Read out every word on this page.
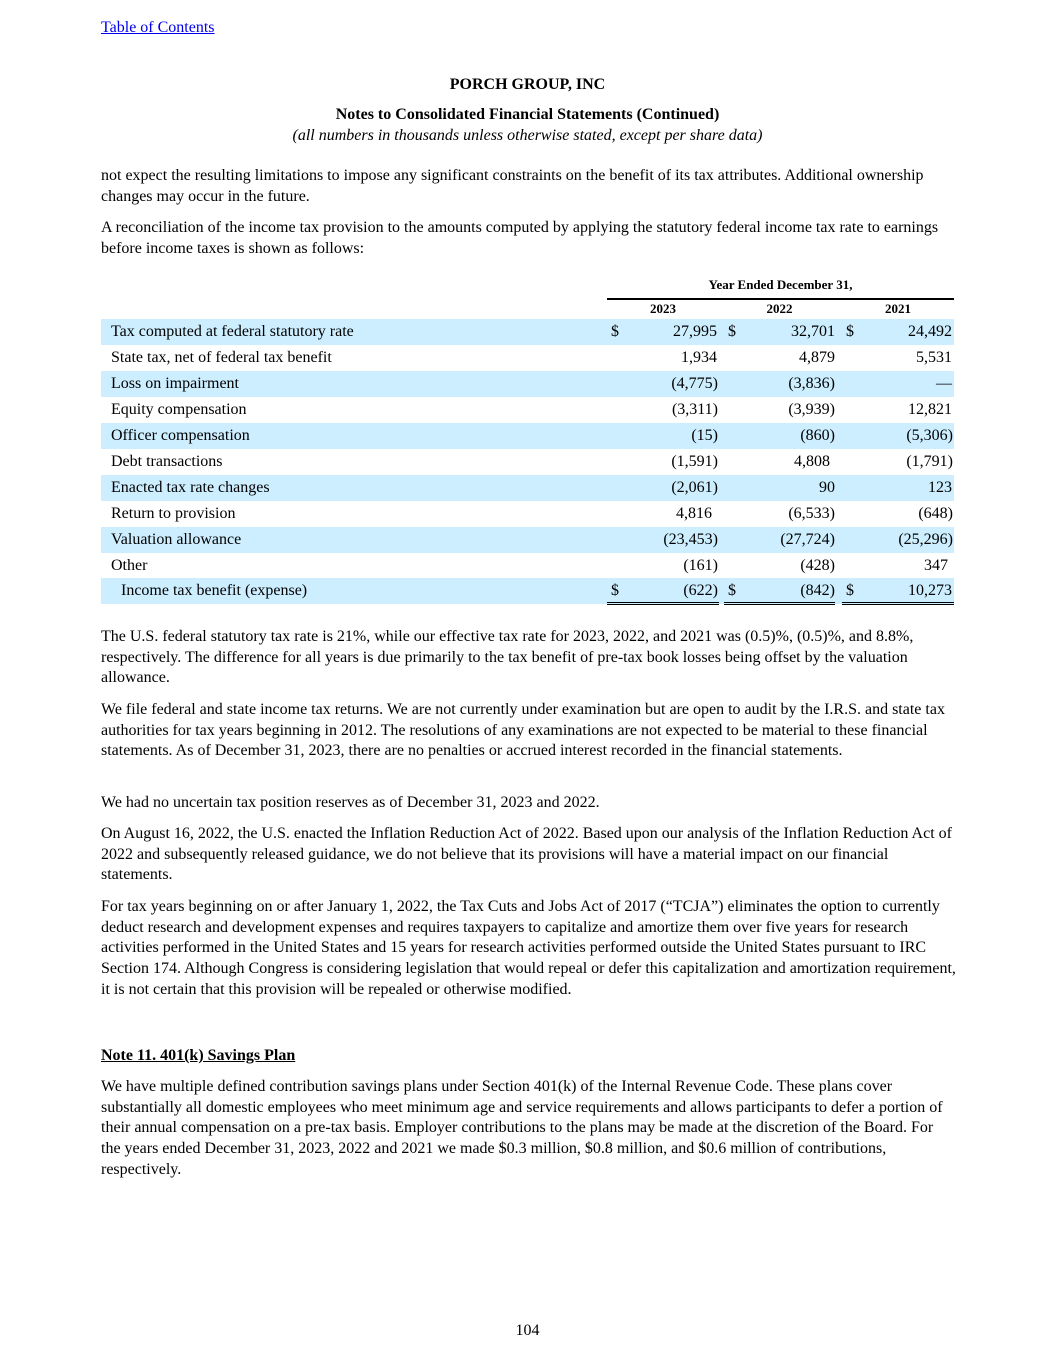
Table of Contents
PORCH GROUP, INC
Notes to Consolidated Financial Statements (Continued)
(all numbers in thousands unless otherwise stated, except per share data)

not expect the resulting limitations to impose any significant constraints on the benefit of its tax attributes. Additional ownership changes may occur in the future.

A reconciliation of the income tax provision to the amounts computed by applying the statutory federal income tax rate to earnings before income taxes is shown as follows:

Year Ended December 31,
2023	2022	2021
Tax computed at federal statutory rate	$	27,995 $	32,701 $	24,492
State tax, net of federal tax benefit	1,934	4,879	5,531
Loss on impairment	(4,775)	(3,836)	—
Equity compensation	(3,311)	(3,939)	12,821
Officer compensation	(15)	(860)	(5,306)
Debt transactions	(1,591)	4,808	(1,791)
Enacted tax rate changes	(2,061)	90	123
Return to provision	4,816	(6,533)	(648)
Valuation allowance	(23,453)	(27,724)	(25,296)
Other	(161)	(428)	347
Income tax benefit (expense)	$	(622) $	(842) $	10,273

The U.S. federal statutory tax rate is 21%, while our effective tax rate for 2023, 2022, and 2021 was (0.5)%, (0.5)%, and 8.8%, respectively. The difference for all years is due primarily to the tax benefit of pre-tax book losses being offset by the valuation allowance.

We file federal and state income tax returns. We are not currently under examination but are open to audit by the I.R.S. and state tax authorities for tax years beginning in 2012. The resolutions of any examinations are not expected to be material to these financial statements. As of December 31, 2023, there are no penalties or accrued interest recorded in the financial statements.

We had no uncertain tax position reserves as of December 31, 2023 and 2022.

On August 16, 2022, the U.S. enacted the Inflation Reduction Act of 2022. Based upon our analysis of the Inflation Reduction Act of 2022 and subsequently released guidance, we do not believe that its provisions will have a material impact on our financial statements.

For tax years beginning on or after January 1, 2022, the Tax Cuts and Jobs Act of 2017 (“TCJA”) eliminates the option to currently deduct research and development expenses and requires taxpayers to capitalize and amortize them over five years for research activities performed in the United States and 15 years for research activities performed outside the United States pursuant to IRC Section 174. Although Congress is considering legislation that would repeal or defer this capitalization and amortization requirement, it is not certain that this provision will be repealed or otherwise modified.

Note 11. 401(k) Savings Plan

We have multiple defined contribution savings plans under Section 401(k) of the Internal Revenue Code. These plans cover substantially all domestic employees who meet minimum age and service requirements and allows participants to defer a portion of their annual compensation on a pre-tax basis. Employer contributions to the plans may be made at the discretion of the Board. For the years ended December 31, 2023, 2022 and 2021 we made $0.3 million, $0.8 million, and $0.6 million of contributions, respectively.

104
